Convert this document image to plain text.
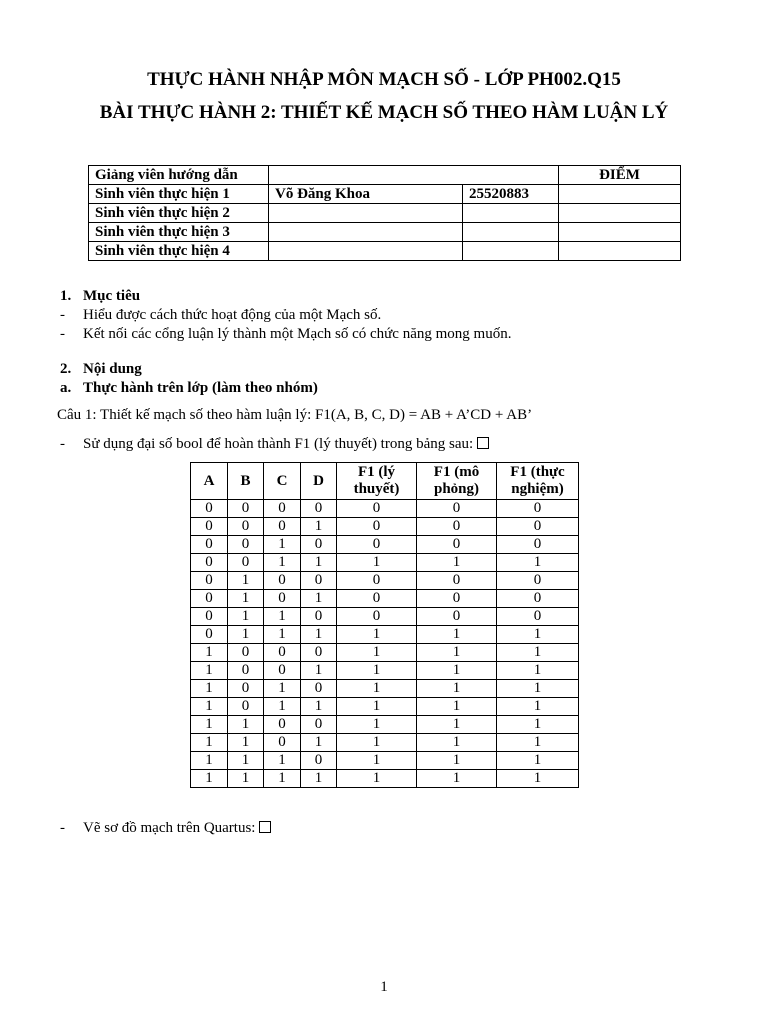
THỰC HÀNH NHẬP MÔN MẠCH SỐ - LỚP PH002.Q15
BÀI THỰC HÀNH 2: THIẾT KẾ MẠCH SỐ THEO HÀM LUẬN LÝ
Giảng viên hướng dẫn			ĐIỂM
Sinh viên thực hiện 1	Võ Đăng Khoa	25520883	
Sinh viên thực hiện 2			
Sinh viên thực hiện 3			
Sinh viên thực hiện 4			
1. Mục tiêu
- Hiểu được cách thức hoạt động của một Mạch số.
- Kết nối các cổng luận lý thành một Mạch số có chức năng mong muốn.
2. Nội dung
a. Thực hành trên lớp (làm theo nhóm)
Câu 1: Thiết kế mạch số theo hàm luận lý: F1(A, B, C, D) = AB + A’CD + AB’
- Sử dụng đại số bool để hoàn thành F1 (lý thuyết) trong bảng sau:
A	B	C	D	F1 (lý thuyết)	F1 (mô phỏng)	F1 (thực nghiệm)
0	0	0	0	0	0	0
0	0	0	1	0	0	0
0	0	1	0	0	0	0
0	0	1	1	1	1	1
0	1	0	0	0	0	0
0	1	0	1	0	0	0
0	1	1	0	0	0	0
0	1	1	1	1	1	1
1	0	0	0	1	1	1
1	0	0	1	1	1	1
1	0	1	0	1	1	1
1	0	1	1	1	1	1
1	1	0	0	1	1	1
1	1	0	1	1	1	1
1	1	1	0	1	1	1
1	1	1	1	1	1	1
- Vẽ sơ đồ mạch trên Quartus:
1
